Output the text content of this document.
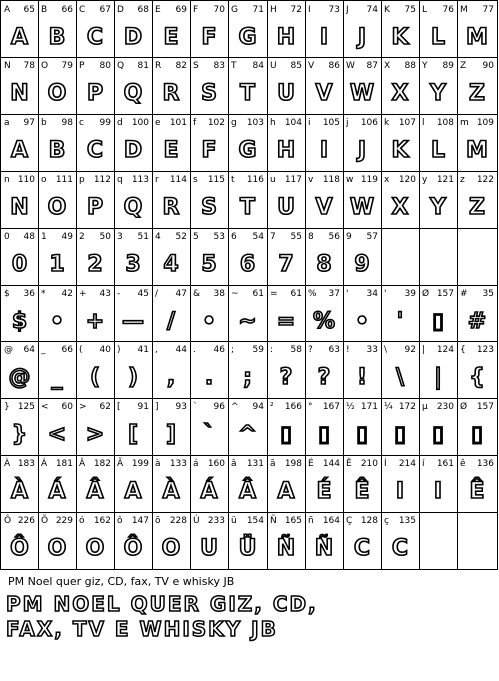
A 65
A
B 66
B
C 67
C
D 68
D
E 69
E
F 70
F
G 71
G
H 72
H
I 73
I
J 74
J
K 75
K
L 76
L
M 77
M
N 78
N
O 79
O
P 80
P
Q 81
Q
R 82
R
S 83
S
T 84
T
U 85
U
V 86
V
W 87
W
X 88
X
Y 89
Y
Z 90
Z
a 97
A
b 98
B
c 99
C
d 100
D
e 101
E
f 102
F
g 103
G
h 104
H
i 105
I
j 106
J
k 107
K
l 108
L
m 109
M
n 110
N
o 111
O
p 112
P
q 113
Q
r 114
R
s 115
S
t 116
T
u 117
U
v 118
V
w 119
W
x 120
X
y 121
Y
z 122
Z
0 48
0
1 49
1
2 50
2
3 51
3
4 52
4
5 53
5
6 54
6
7 55
7
8 56
8
9 57
9
$ 36
$
* 42
•
+ 43
+
- 45
—
/ 47
/
& 38
•
~ 61
~
= 61
=
% 37
%
' 34
•
' 39
'
Ø 157
▯
# 35
#
@ 64
@
_ 66
_
( 40
(
) 41
)
, 44
,
. 46
.
; 59
;
: 58
?
? 63
?
! 33
!
\ 92
\
| 124
|
{ 123
{
} 125
}
< 60
<
> 62
>
[ 91
[
] 93
]
` 96
`
^ 94
^
² 166
▯
° 167
▯
½ 171
▯
¼ 172
▯
µ 230
▯
Ø 157
▯
À 183
À
Á 181
Á
Â 182
Â
Ã 199
A
à 133
À
á 160
Á
â 131
Â
ã 198
A
É 144
É
Ê 210
Ê
Í 214
I
í 161
I
ê 136
Ê
Ô 226
Ô
Õ 229
O
ó 162
O
ô 147
Ô
õ 228
O
Ú 233
U
ü 154
Ü
Ñ 165
Ñ
ñ 164
Ñ
Ç 128
C
ç 135
C
PM Noel quer giz, CD, fax, TV e whisky JB
PM NOEL QUER GIZ, CD,
FAX, TV E WHISKY JB
